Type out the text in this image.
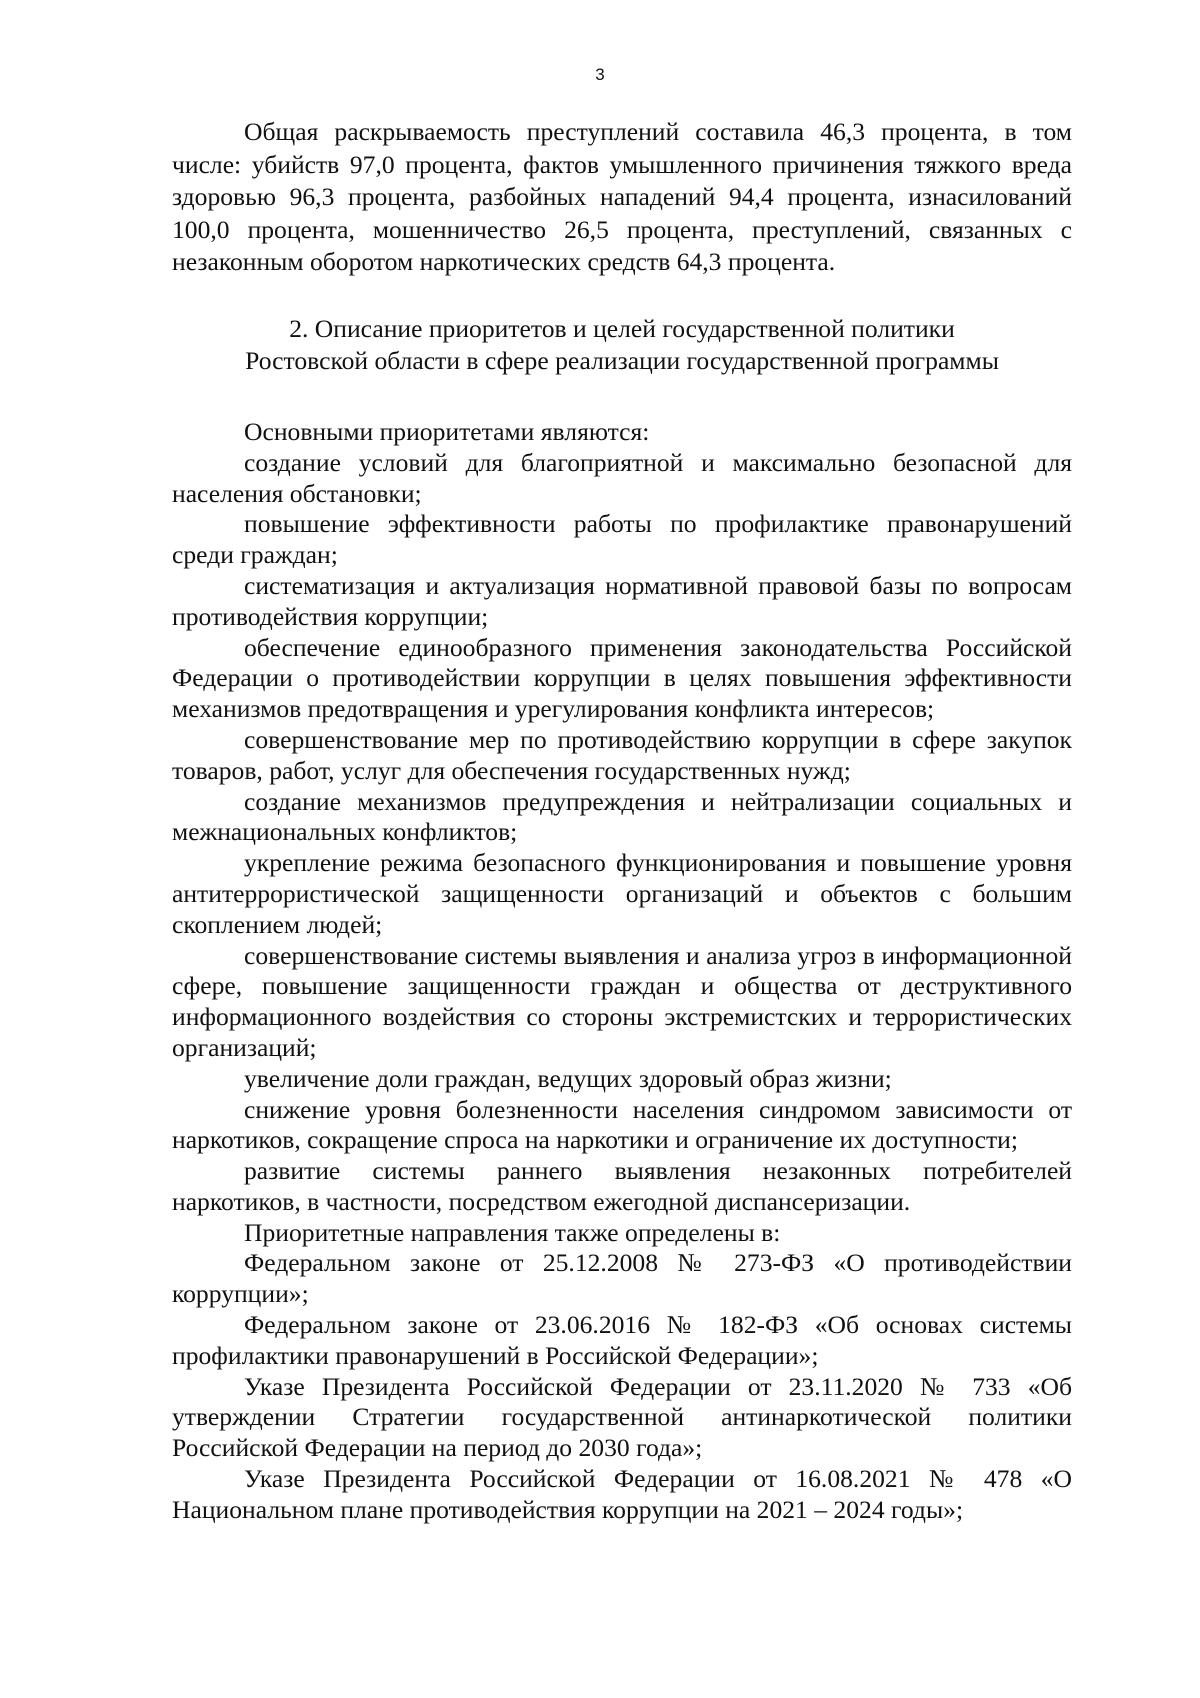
3

Общая раскрываемость преступлений составила 46,3 процента, в том числе: убийств 97,0 процента, фактов умышленного причинения тяжкого вреда здоровью 96,3 процента, разбойных нападений 94,4 процента, изнасилований 100,0 процента, мошенничество 26,5 процента, преступлений, связанных с незаконным оборотом наркотических средств 64,3 процента.

2. Описание приоритетов и целей государственной политики
Ростовской области в сфере реализации государственной программы

Основными приоритетами являются:

создание условий для благоприятной и максимально безопасной для населения обстановки;

повышение эффективности работы по профилактике правонарушений среди граждан;

систематизация и актуализация нормативной правовой базы по вопросам противодействия коррупции;

обеспечение единообразного применения законодательства Российской Федерации о противодействии коррупции в целях повышения эффективности механизмов предотвращения и урегулирования конфликта интересов;

совершенствование мер по противодействию коррупции в сфере закупок товаров, работ, услуг для обеспечения государственных нужд;

создание механизмов предупреждения и нейтрализации социальных и межнациональных конфликтов;

укрепление режима безопасного функционирования и повышение уровня антитеррористической защищенности организаций и объектов с большим скоплением людей;

совершенствование системы выявления и анализа угроз в информационной сфере, повышение защищенности граждан и общества от деструктивного информационного воздействия со стороны экстремистских и террористических организаций;

увеличение доли граждан, ведущих здоровый образ жизни;

снижение уровня болезненности населения синдромом зависимости от наркотиков, сокращение спроса на наркотики и ограничение их доступности;

развитие системы раннего выявления незаконных потребителей наркотиков, в частности, посредством ежегодной диспансеризации.

Приоритетные направления также определены в:

Федеральном законе от 25.12.2008 № 273-ФЗ «О противодействии коррупции»;

Федеральном законе от 23.06.2016 № 182-ФЗ «Об основах системы профилактики правонарушений в Российской Федерации»;

Указе Президента Российской Федерации от 23.11.2020 № 733 «Об утверждении Стратегии государственной антинаркотической политики Российской Федерации на период до 2030 года»;

Указе Президента Российской Федерации от 16.08.2021 № 478 «О Национальном плане противодействия коррупции на 2021 – 2024 годы»;
